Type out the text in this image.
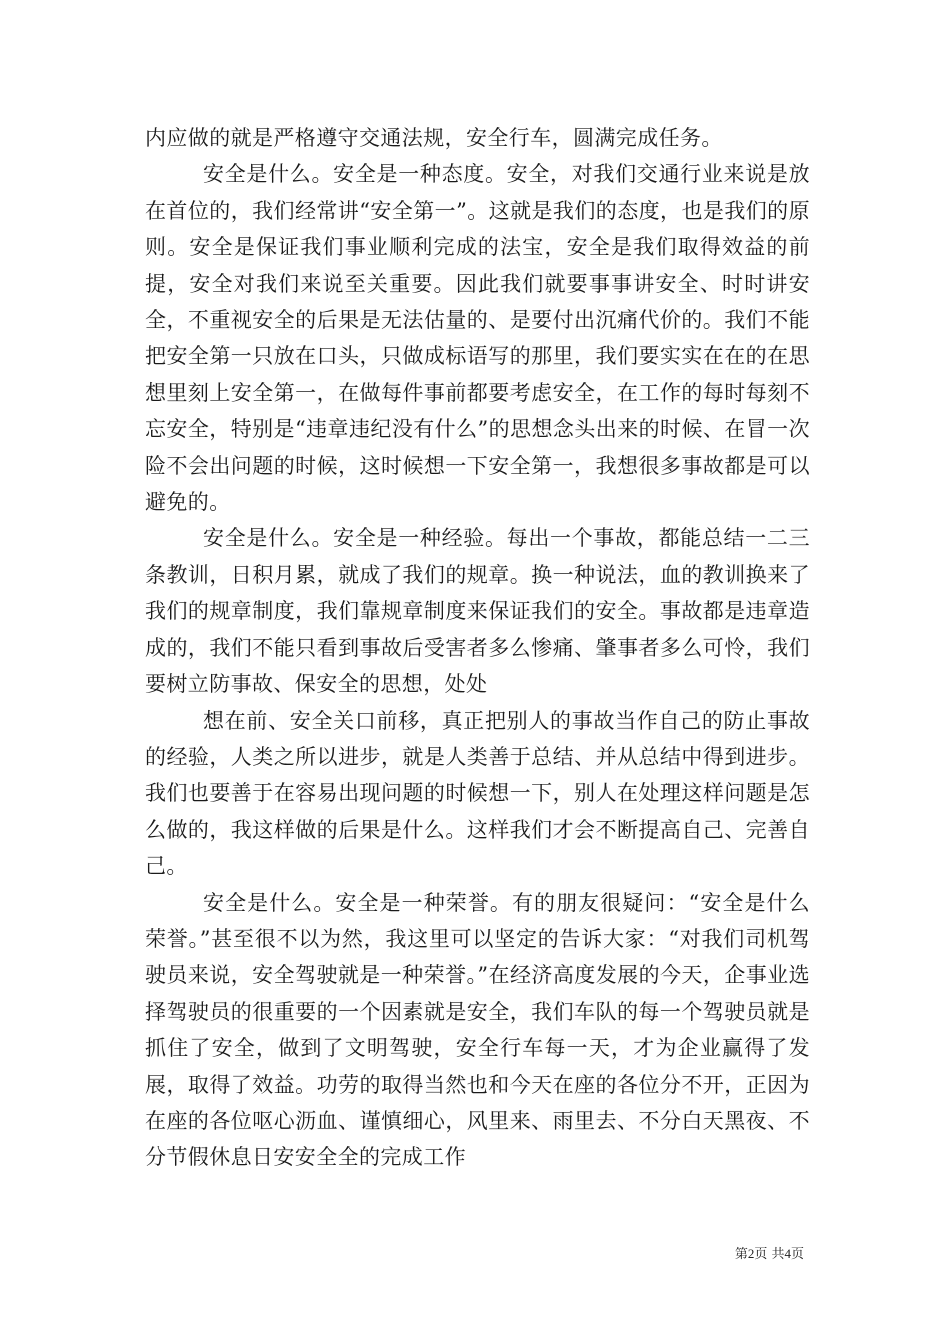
内应做的就是严格遵守交通法规，安全行车，圆满完成任务。

安全是什么。安全是一种态度。安全，对我们交通行业来说是放在首位的，我们经常讲“安全第一”。这就是我们的态度，也是我们的原则。安全是保证我们事业顺利完成的法宝，安全是我们取得效益的前提，安全对我们来说至关重要。因此我们就要事事讲安全、时时讲安全，不重视安全的后果是无法估量的、是要付出沉痛代价的。我们不能把安全第一只放在口头，只做成标语写的那里，我们要实实在在的在思想里刻上安全第一，在做每件事前都要考虑安全，在工作的每时每刻不忘安全，特别是“违章违纪没有什么”的思想念头出来的时候、在冒一次险不会出问题的时候，这时候想一下安全第一，我想很多事故都是可以避免的。

安全是什么。安全是一种经验。每出一个事故，都能总结一二三条教训，日积月累，就成了我们的规章。换一种说法，血的教训换来了我们的规章制度，我们靠规章制度来保证我们的安全。事故都是违章造成的，我们不能只看到事故后受害者多么惨痛、肇事者多么可怜，我们要树立防事故、保安全的思想，处处

想在前、安全关口前移，真正把别人的事故当作自己的防止事故的经验，人类之所以进步，就是人类善于总结、并从总结中得到进步。我们也要善于在容易出现问题的时候想一下，别人在处理这样问题是怎么做的，我这样做的后果是什么。这样我们才会不断提高自己、完善自己。

安全是什么。安全是一种荣誉。有的朋友很疑问：“安全是什么荣誉。”甚至很不以为然，我这里可以坚定的告诉大家：“对我们司机驾驶员来说，安全驾驶就是一种荣誉。”在经济高度发展的今天，企事业选择驾驶员的很重要的一个因素就是安全，我们车队的每一个驾驶员就是抓住了安全，做到了文明驾驶，安全行车每一天，才为企业赢得了发展，取得了效益。功劳的取得当然也和今天在座的各位分不开，正因为在座的各位呕心沥血、谨慎细心，风里来、雨里去、不分白天黑夜、不分节假休息日安安全全的完成工作

第2页 共4页
